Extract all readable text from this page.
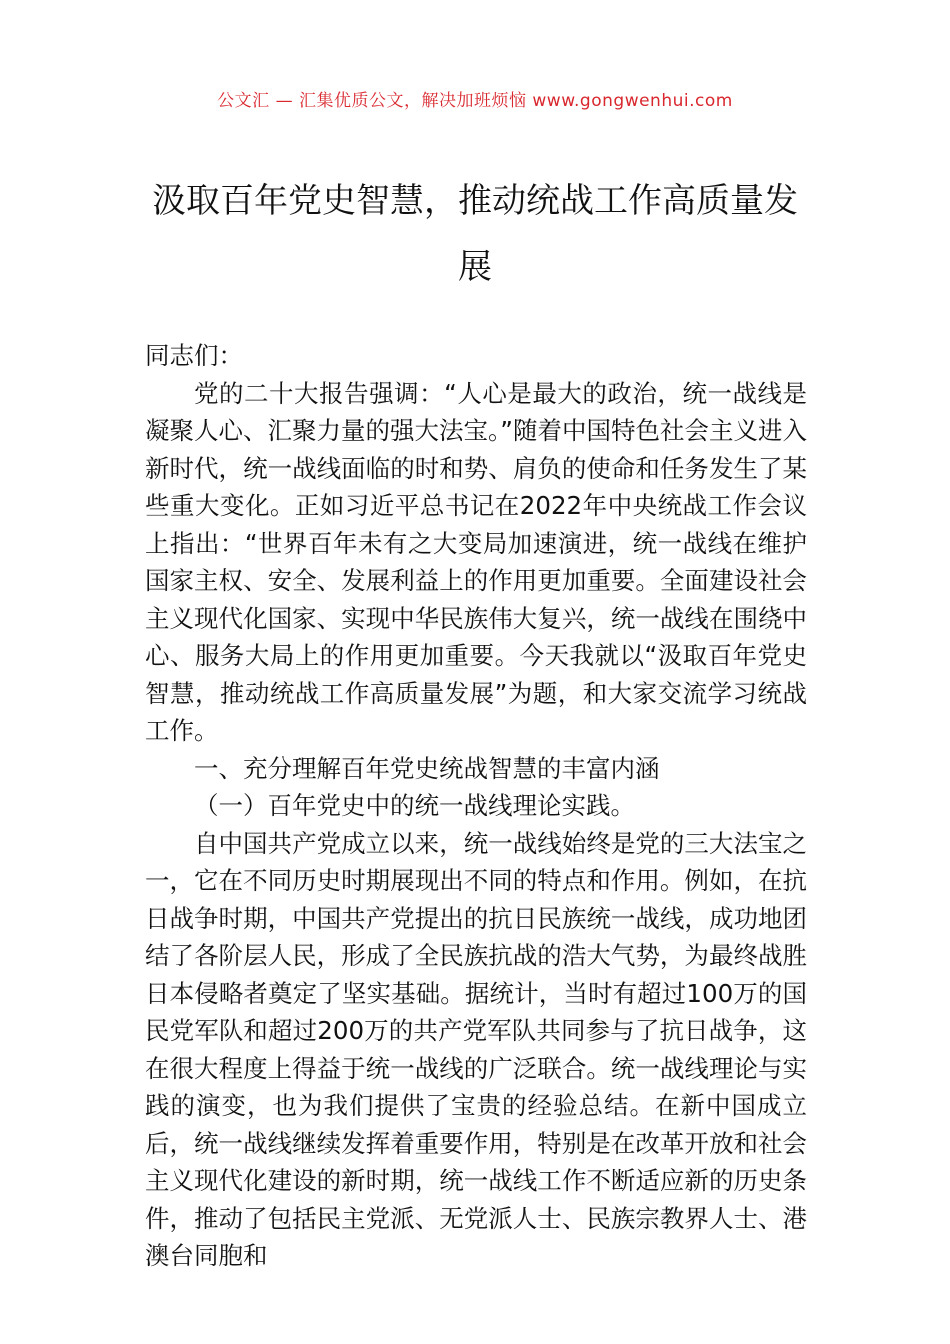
公文汇 — 汇集优质公文，解决加班烦恼 www.gongwenhui.com
汲取百年党史智慧，推动统战工作高质量发展

同志们：

党的二十大报告强调：“人心是最大的政治，统一战线是凝聚人心、汇聚力量的强大法宝。”随着中国特色社会主义进入新时代，统一战线面临的时和势、肩负的使命和任务发生了某些重大变化。正如习近平总书记在2022年中央统战工作会议上指出：“世界百年未有之大变局加速演进，统一战线在维护国家主权、安全、发展利益上的作用更加重要。全面建设社会主义现代化国家、实现中华民族伟大复兴，统一战线在围绕中心、服务大局上的作用更加重要。今天我就以“汲取百年党史智慧，推动统战工作高质量发展”为题，和大家交流学习统战工作。

一、充分理解百年党史统战智慧的丰富内涵

（一）百年党史中的统一战线理论实践。

自中国共产党成立以来，统一战线始终是党的三大法宝之一，它在不同历史时期展现出不同的特点和作用。例如，在抗日战争时期，中国共产党提出的抗日民族统一战线，成功地团结了各阶层人民，形成了全民族抗战的浩大气势，为最终战胜日本侵略者奠定了坚实基础。据统计，当时有超过100万的国民党军队和超过200万的共产党军队共同参与了抗日战争，这在很大程度上得益于统一战线的广泛联合。统一战线理论与实践的演变，也为我们提供了宝贵的经验总结。在新中国成立后，统一战线继续发挥着重要作用，特别是在改革开放和社会主义现代化建设的新时期，统一战线工作不断适应新的历史条件，推动了包括民主党派、无党派人士、民族宗教界人士、港澳台同胞和
